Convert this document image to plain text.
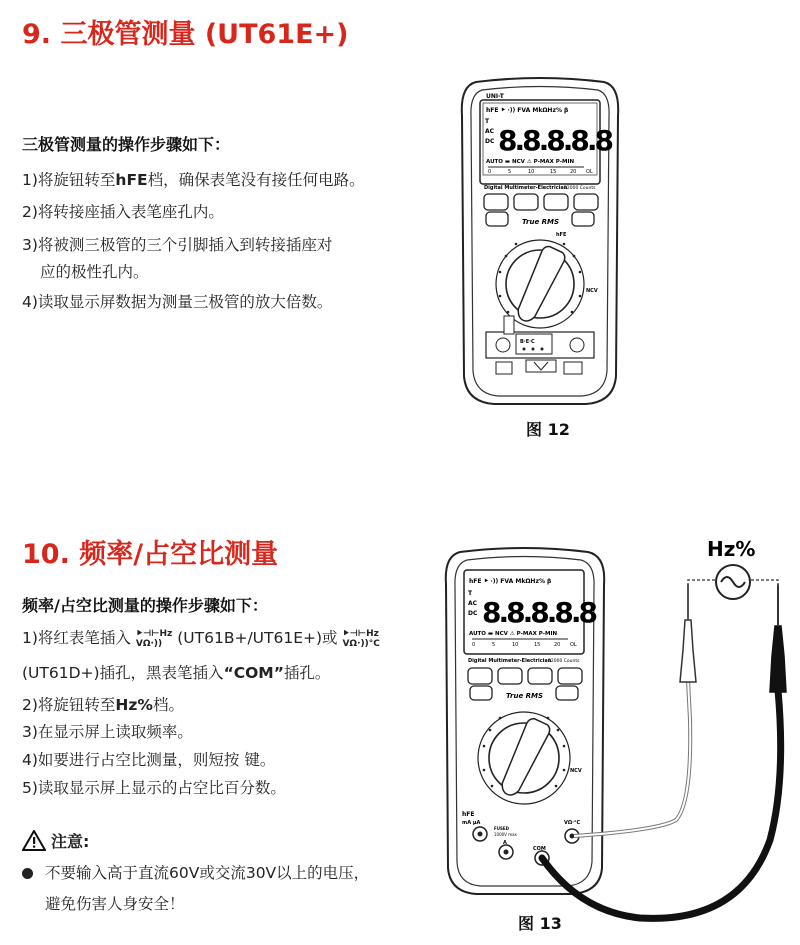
9. 三极管测量 (UT61E+)
三极管测量的操作步骤如下：
1)将旋钮转至hFE档，确保表笔没有接任何电路。
2)将转接座插入表笔座孔内。
3)将被测三极管的三个引脚插入到转接插座对
应的极性孔内。
4)读取显示屏数据为测量三极管的放大倍数。
UNI-T
hFE ⯈ ·)) FVA MkΩHz% β
T
AC
DC 8.8.8.8.8
AUTO ▬ NCV ⚠ P-MAX P-MIN
0	5	10	15	20 OL
Digital Multimeter-Electrician
22000 Counts
True RMS
NCV
hFE
B·E·C
图 12
10. 频率/占空比测量
频率/占空比测量的操作步骤如下：
1)将红表笔插入 ⯈⊣⊢Hz
VΩ·)) (UT61B+/UT61E+)或 ⯈⊣⊢Hz
VΩ·))°C
(UT61D+)插孔，黑表笔插入“COM”插孔。
2)将旋钮转至Hz%档。
3)在显示屏上读取频率。
4)如要进行占空比测量，则短按 键。
5)读取显示屏上显示的占空比百分数。
注意:
不要输入高于直流60V或交流30V以上的电压，
避免伤害人身安全！
hFE ⯈ ·)) FVA MkΩHz% β
T
AC
DC 8.8.8.8.8
AUTO ▬ NCV ⚠ P-MAX P-MIN
0	5	10	15	20 OL
Digital Multimeter-Electrician
22000 Counts
True RMS
NCV
hFE
mA µA	VΩ·°C
FUSED
1000V max
A
COM
Hz%
图 13
